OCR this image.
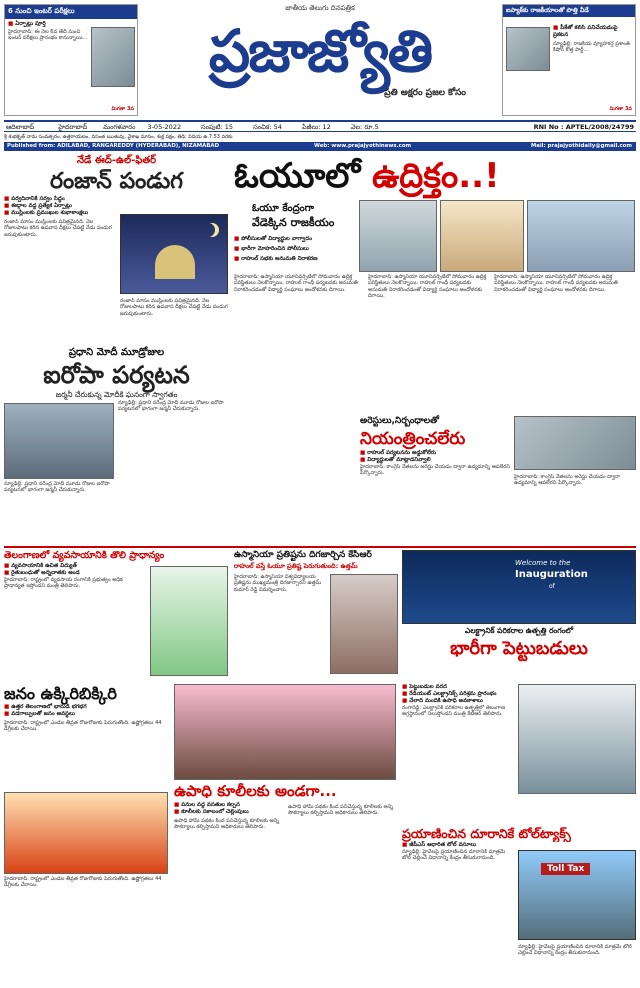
6 నుంచి ఇంటర్ పరీక్షలు
■ ఏర్పాట్లు పూర్తి
హైదరాబాద్: ఈ నెల 6వ తేదీ నుంచి ఇంటర్ పరీక్షలు ప్రారంభం కానున్నాయి...
మిగతా 3వ
జాతీయ తెలుగు దినపత్రిక
ప్రజాజ్యోతి
ప్రతి అక్షరం ప్రజల కోసం
ఐప్యాక్‌కు రాజకీయాలతో పొత్తి వీడే
■ పీకేతో కలిసి పనిచేయడంపై ప్రకటన
న్యూఢిల్లీ: రాజకీయ వ్యూహకర్త ప్రశాంత్ కిషోర్ కొత్త పార్టీ...
మిగతా 3వ
ఆదిలాబాద్	హైదరాబాద్ మంగళవారం 3-05-2022	సంపుటి: 15	సంచిక: 54	పేజీలు: 12	వెల: రూ.5	RNI No : APTEL/2008/24799
శ్రీ శుభకృత్ నామ సంవత్సరం, ఉత్తరాయణం, వసంత ఋతువు, వైశాఖ మాసం, శుక్ల పక్షం, తిథి: విదియ ఉ.7.53 వరకు
Published from: ADILABAD, RANGAREDDY (HYDERABAD), NIZAMABAD	Web: www.prajajyothinews.com	Mail: prajajyothidaily@gmail.com
నేడే ఈద్-ఉల్-ఫితర్
రంజాన్ పండుగ
■ పర్వదినానికి సర్వం సిద్ధం
■ ఈద్గాల వద్ద ప్రత్యేక ఏర్పాట్లు
■ ముస్లింలకు ప్రముఖుల శుభాకాంక్షలు
రంజాన్ మాసం ముస్లింలకు పవిత్రమైనది. నెల రోజులపాటు కఠిన ఉపవాస దీక్షలు చేపట్టి నేడు పండుగ జరుపుకుంటారు.
రంజాన్ మాసం ముస్లింలకు పవిత్రమైనది. నెల రోజులపాటు కఠిన ఉపవాస దీక్షలు చేపట్టి నేడు పండుగ జరుపుకుంటారు.
ఓయూలో ఉద్రిక్తం..!
ఓయూ కేంద్రంగా
వేడెక్కిన రాజకీయం
■ పోలీసులతో విద్యార్థుల వాగ్వాదం
■ భారీగా మోహరించిన పోలీసులు
■ రాహుల్ సభకు అనుమతి నిరాకరణ
హైదరాబాద్: ఉస్మానియా యూనివర్సిటీలో సోమవారం ఉద్రిక్త పరిస్థితులు నెలకొన్నాయి. రాహుల్ గాంధీ పర్యటనకు అనుమతి నిరాకరించడంతో విద్యార్థి సంఘాలు ఆందోళనకు దిగాయి.
హైదరాబాద్: ఉస్మానియా యూనివర్సిటీలో సోమవారం ఉద్రిక్త పరిస్థితులు నెలకొన్నాయి. రాహుల్ గాంధీ పర్యటనకు అనుమతి నిరాకరించడంతో విద్యార్థి సంఘాలు ఆందోళనకు దిగాయి.
హైదరాబాద్: ఉస్మానియా యూనివర్సిటీలో సోమవారం ఉద్రిక్త పరిస్థితులు నెలకొన్నాయి. రాహుల్ గాంధీ పర్యటనకు అనుమతి నిరాకరించడంతో విద్యార్థి సంఘాలు ఆందోళనకు దిగాయి.
ప్రధాని మోదీ మూడ్రోజుల
ఐరోపా పర్యటన
జర్మనీ చేరుకున్న మోదీకి ఘనంగా స్వాగతం
న్యూఢిల్లీ: ప్రధాని నరేంద్ర మోదీ మూడు రోజుల ఐరోపా పర్యటనలో భాగంగా జర్మనీ చేరుకున్నారు.
న్యూఢిల్లీ: ప్రధాని నరేంద్ర మోదీ మూడు రోజుల ఐరోపా పర్యటనలో భాగంగా జర్మనీ చేరుకున్నారు.
అరెస్టులు,నిర్బంధాలతో
నియంత్రించలేరు
■ రాహుల్ పర్యటనను అడ్డుకోలేరు
■ విద్యార్థులతో మాట్లాడనివ్వాలి
హైదరాబాద్: కాంగ్రెస్ నేతలను అరెస్టు చేయడం ద్వారా ఉద్యమాన్ని ఆపలేరని పేర్కొన్నారు.
హైదరాబాద్: కాంగ్రెస్ నేతలను అరెస్టు చేయడం ద్వారా ఉద్యమాన్ని ఆపలేరని పేర్కొన్నారు.
తెలంగాణలో వ్యవసాయానికి తొలి ప్రాధాన్యం
■ వ్యవసాయానికి ఉచిత విద్యుత్
■ రైతుబంధుతో అన్నదాతకు అండ
హైదరాబాద్: రాష్ట్రంలో వ్యవసాయ రంగానికి ప్రభుత్వం అధిక ప్రాధాన్యత ఇస్తోందని మంత్రి తెలిపారు.
ఉస్మానియా ప్రతిష్టను దిగజార్చిన కేసీఆర్
రాహుల్ వస్తే ఓయూ ప్రతిష్ట పెరుగుతుంది: ఉత్తమ్
హైదరాబాద్: ఉస్మానియా విశ్వవిద్యాలయ ప్రతిష్టను ముఖ్యమంత్రి దిగజార్చారని ఉత్తమ్ కుమార్ రెడ్డి విమర్శించారు.
Welcome to the
Inauguration
of
ఎలక్ట్రానిక్ పరికరాల ఉత్పత్తి రంగంలో
భారీగా పెట్టుబడులు
జనం ఉక్కిరిబిక్కిరి
■ ఉత్తర తెలంగాణలో భానుడి భగభగ
■ వడగాల్పులతో జనం అవస్థలు
హైదరాబాద్: రాష్ట్రంలో ఎండల తీవ్రత రోజురోజుకు పెరుగుతోంది. ఉష్ణోగ్రతలు 44 డిగ్రీలకు చేరాయి.
హైదరాబాద్: రాష్ట్రంలో ఎండల తీవ్రత రోజురోజుకు పెరుగుతోంది. ఉష్ణోగ్రతలు 44 డిగ్రీలకు చేరాయి.
ఉపాధి కూలీలకు అండగా...
■ పనుల వద్ద వసతుల కల్పన
■ కూలీలకు సకాలంలో చెల్లింపులు
ఉపాధి హామీ పథకం కింద పనిచేస్తున్న కూలీలకు అన్ని సౌకర్యాలు కల్పిస్తామని అధికారులు తెలిపారు.
ఉపాధి హామీ పథకం కింద పనిచేస్తున్న కూలీలకు అన్ని సౌకర్యాలు కల్పిస్తామని అధికారులు తెలిపారు.
■ పెట్టుబడుల వరద
■ రేడియంట్ ఎలక్ట్రానిక్స్ పరిశ్రమ ప్రారంభం
■ వేలాది మందికి ఉపాధి అవకాశాలు
రంగారెడ్డి: ఎలక్ట్రానిక్ పరికరాల ఉత్పత్తిలో తెలంగాణ అగ్రస్థానంలో నిలుస్తోందని మంత్రి కేటీఆర్ తెలిపారు.
ప్రయాణించిన దూరానికే టోల్‌ట్యాక్స్
■ జీపీఎస్ ఆధారిత టోల్ వసూలు
న్యూఢిల్లీ: హైవేలపై ప్రయాణించిన దూరానికి మాత్రమే టోల్ చెల్లించే విధానాన్ని కేంద్రం తీసుకురానుంది.
Toll Tax
న్యూఢిల్లీ: హైవేలపై ప్రయాణించిన దూరానికి మాత్రమే టోల్ చెల్లించే విధానాన్ని కేంద్రం తీసుకురానుంది.
